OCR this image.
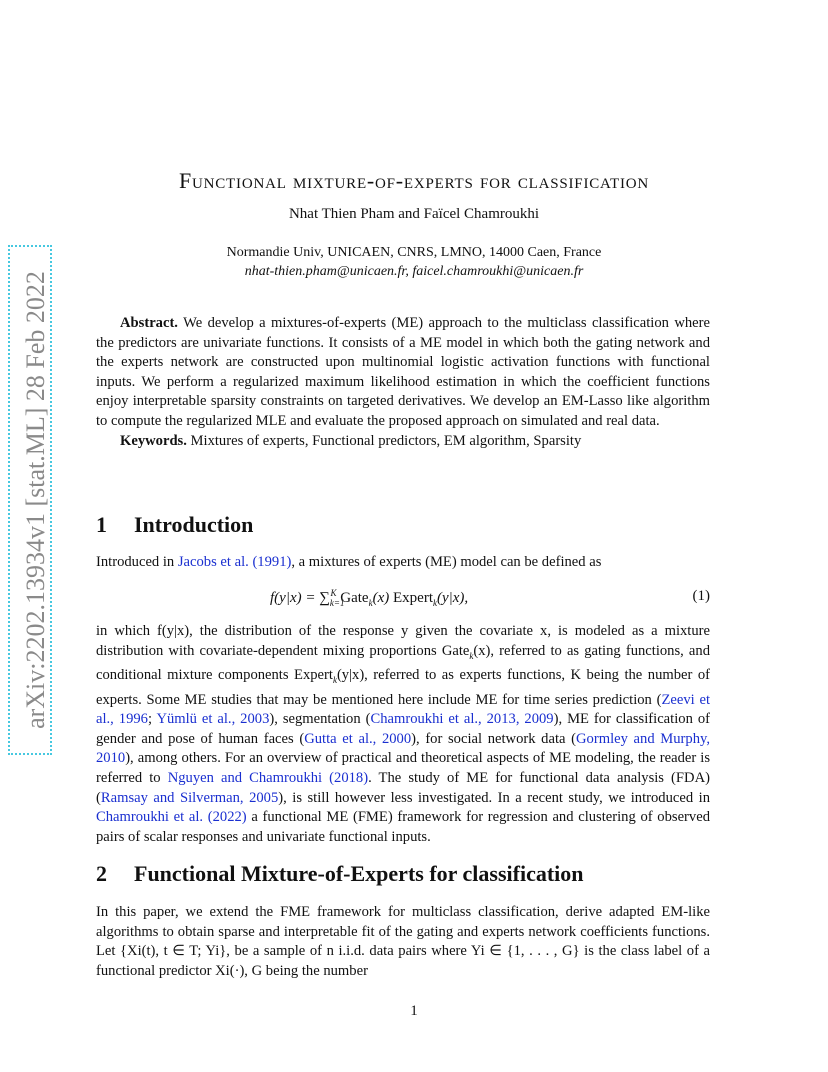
arXiv:2202.13934v1 [stat.ML] 28 Feb 2022
Functional mixture-of-experts for classification
Nhat Thien Pham and Faïcel Chamroukhi
Normandie Univ, UNICAEN, CNRS, LMNO, 14000 Caen, France
nhat-thien.pham@unicaen.fr, faicel.chamroukhi@unicaen.fr

Abstract. We develop a mixtures-of-experts (ME) approach to the multiclass classification where the predictors are univariate functions. It consists of a ME model in which both the gating network and the experts network are constructed upon multinomial logistic activation functions with functional inputs. We perform a regularized maximum likelihood estimation in which the coefficient functions enjoy interpretable sparsity constraints on targeted derivatives. We develop an EM-Lasso like algorithm to compute the regularized MLE and evaluate the proposed approach on simulated and real data.

Keywords. Mixtures of experts, Functional predictors, EM algorithm, Sparsity

1 Introduction

Introduced in Jacobs et al. (1991), a mixtures of experts (ME) model can be defined as

$f(y|x) = \sum_{k=1}^K$ Gate$_k$(x) Expert$_k$(y|x),	(1)

in which f(y|x), the distribution of the response y given the covariate x, is modeled as a mixture distribution with covariate-dependent mixing proportions Gate$_k$(x), referred to as gating functions, and conditional mixture components Expert$_k$(y|x), referred to as experts functions, K being the number of experts. Some ME studies that may be mentioned here include ME for time series prediction (Zeevi et al., 1996; Yümlü et al., 2003), segmentation (Chamroukhi et al., 2013, 2009), ME for classification of gender and pose of human faces (Gutta et al., 2000), for social network data (Gormley and Murphy, 2010), among others. For an overview of practical and theoretical aspects of ME modeling, the reader is referred to Nguyen and Chamroukhi (2018). The study of ME for functional data analysis (FDA) (Ramsay and Silverman, 2005), is still however less investigated. In a recent study, we introduced in Chamroukhi et al. (2022) a functional ME (FME) framework for regression and clustering of observed pairs of scalar responses and univariate functional inputs.

2 Functional Mixture-of-Experts for classification

In this paper, we extend the FME framework for multiclass classification, derive adapted EM-like algorithms to obtain sparse and interpretable fit of the gating and experts network coefficients functions. Let {Xi(t), t ∈ T; Yi}, be a sample of n i.i.d. data pairs where Yi ∈ {1, . . . , G} is the class label of a functional predictor Xi(·), G being the number

1
